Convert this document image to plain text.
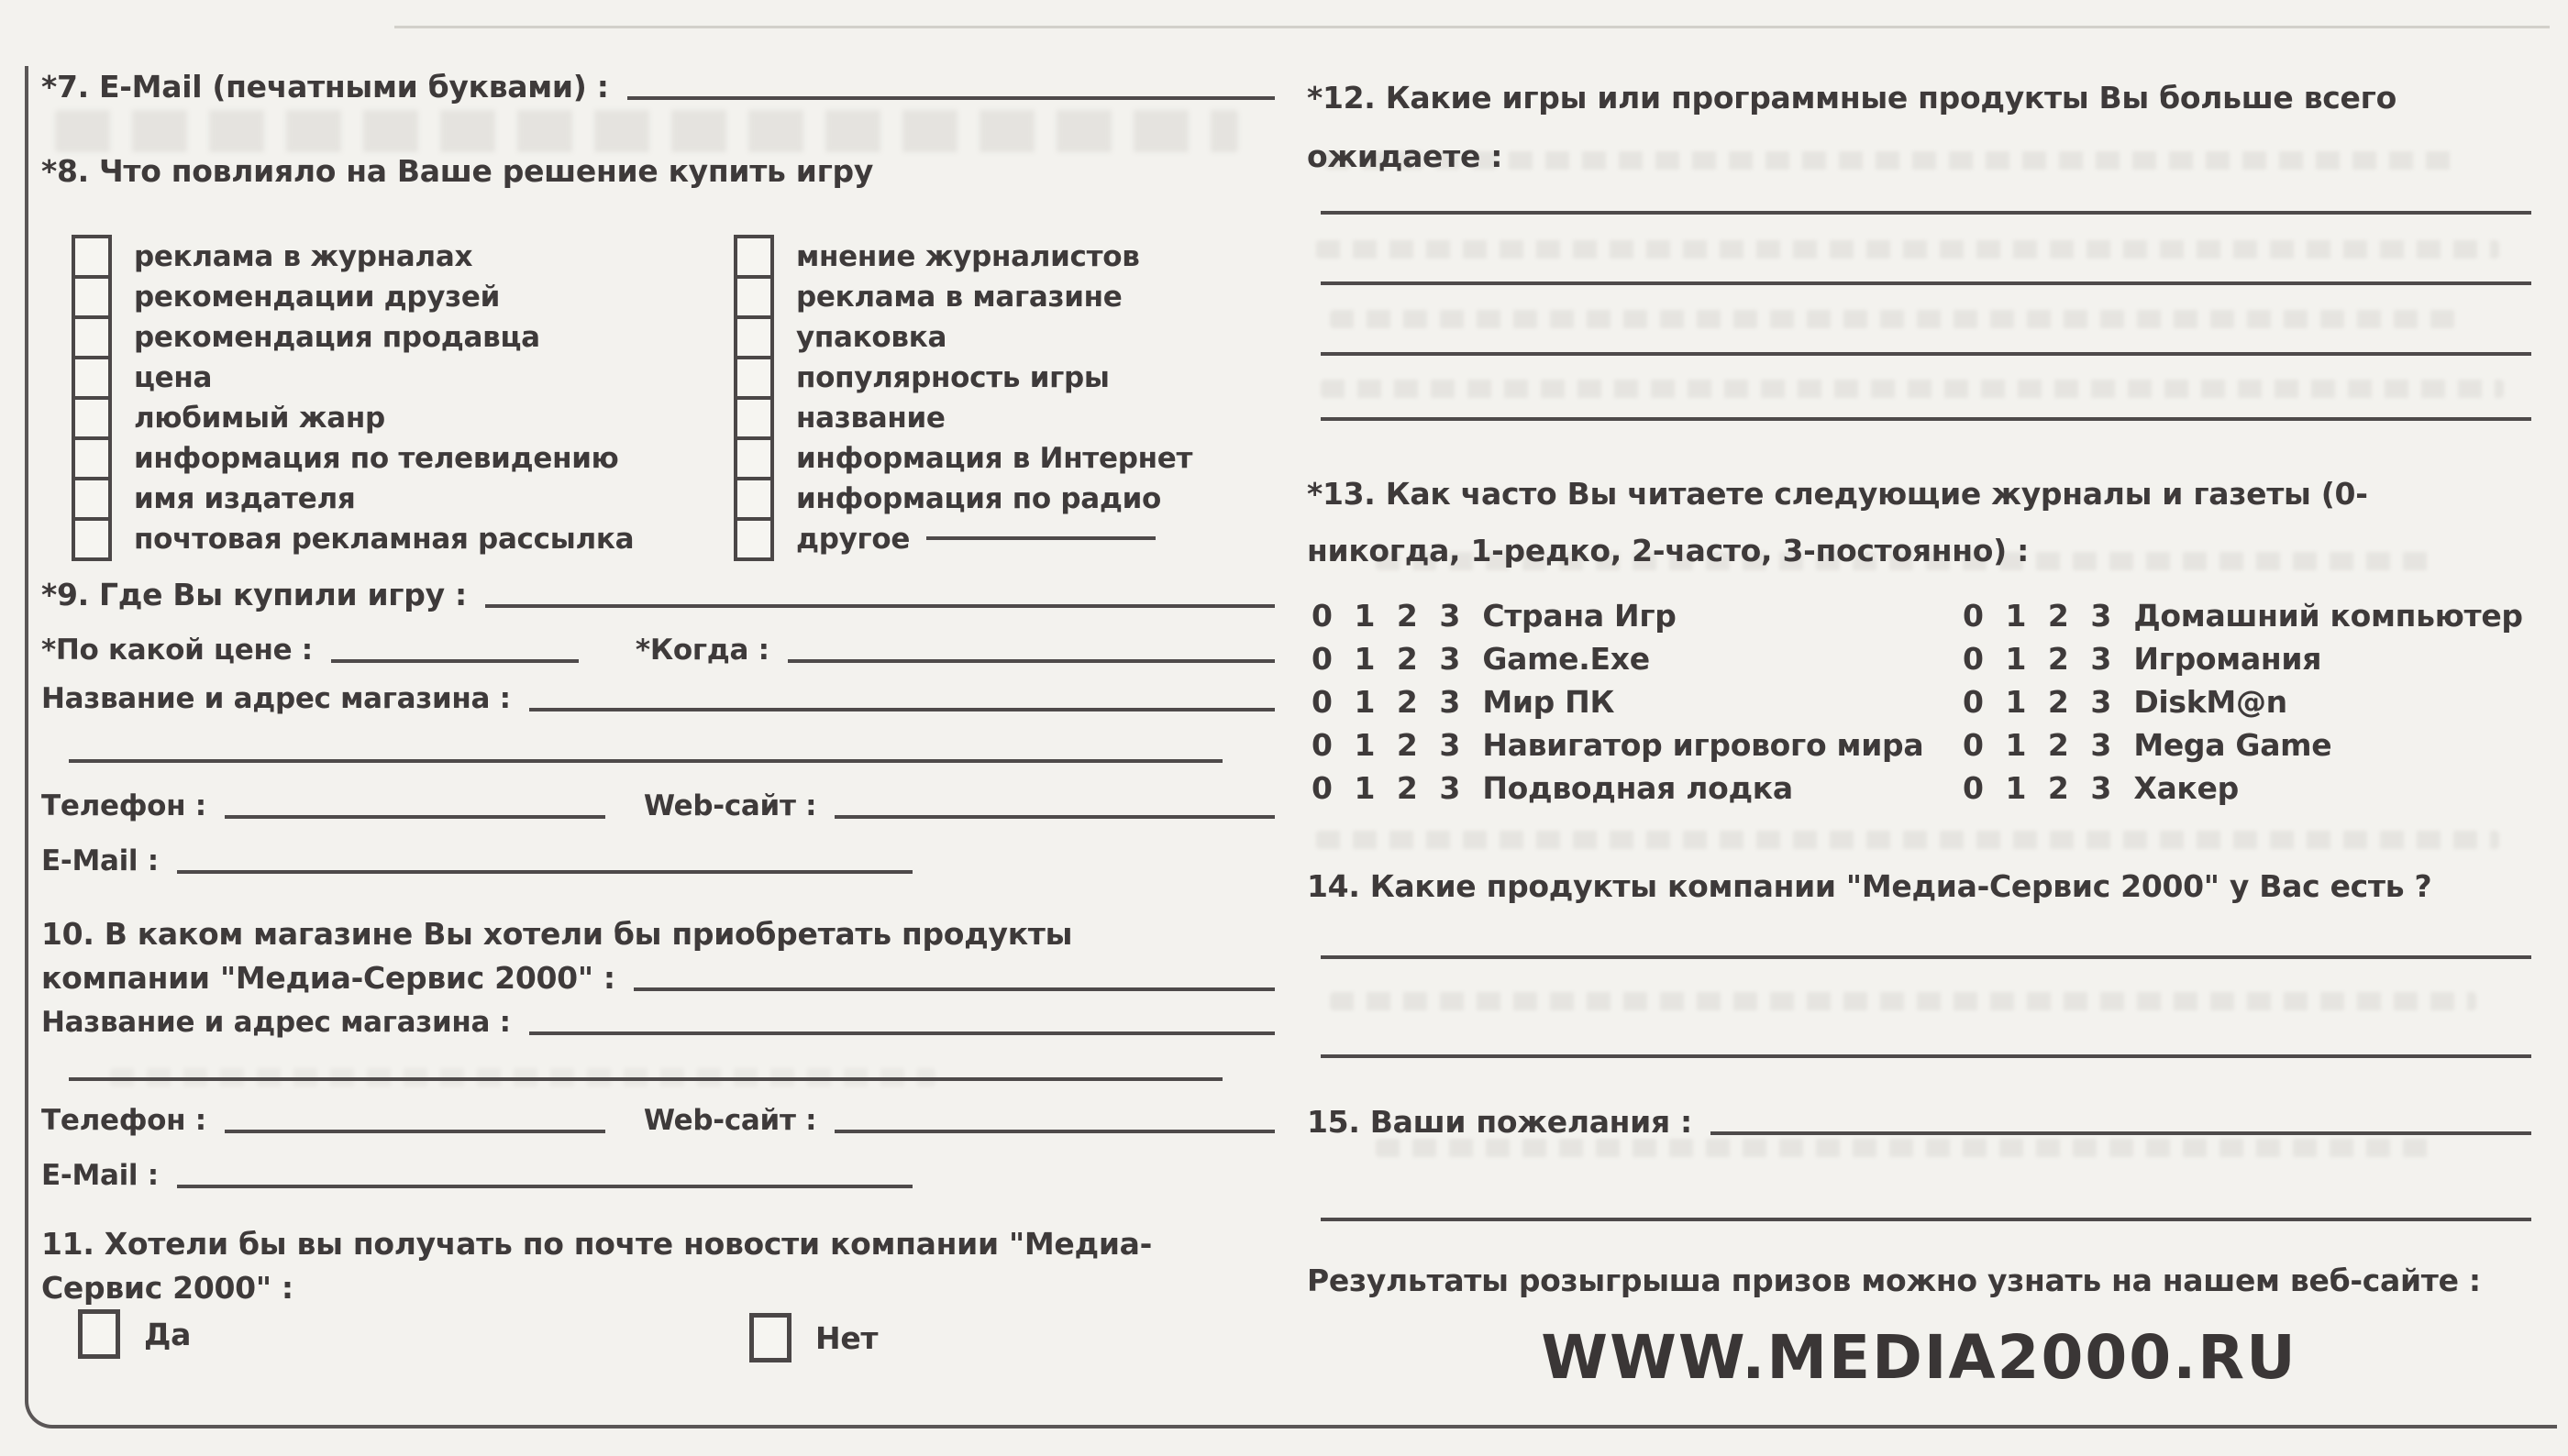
*7. E-Mail (печатными буквами) :
*8. Что повлияло на Ваше решение купить игру
реклама в журналах
рекомендации друзей
рекомендация продавца
цена
любимый жанр
информация по телевидению
имя издателя
почтовая рекламная рассылка
мнение журналистов
реклама в магазине
упаковка
популярность игры
название
информация в Интернет
информация по радио
другое
*9. Где Вы купили игру :
*По какой цене :	*Когда :
Название и адрес магазина :
Телефон :	Web-сайт :
E-Mail :
10. В каком магазине Вы хотели бы приобретать продукты
компании "Медиа-Сервис 2000" :
Название и адрес магазина :
Телефон :	Web-сайт :
E-Mail :
11. Хотели бы вы получать по почте новости компании "Медиа-
Сервис 2000" :
Да	Нет
*12. Какие игры или программные продукты Вы больше всего
ожидаете :
*13. Как часто Вы читаете следующие журналы и газеты (0-
никогда, 1-редко, 2-часто, 3-постоянно) :
0 1 2 3 Страна Игр
0 1 2 3 Game.Exe
0 1 2 3 Мир ПК
0 1 2 3 Навигатор игрового мира
0 1 2 3 Подводная лодка
0 1 2 3 Домашний компьютер
0 1 2 3 Игромания
0 1 2 3 DiskM@n
0 1 2 3 Mega Game
0 1 2 3 Хакер
14. Какие продукты компании "Медиа-Сервис 2000" у Вас есть ?
15. Ваши пожелания :
Результаты розыгрыша призов можно узнать на нашем веб-сайте :
WWW.MEDIA2000.RU
